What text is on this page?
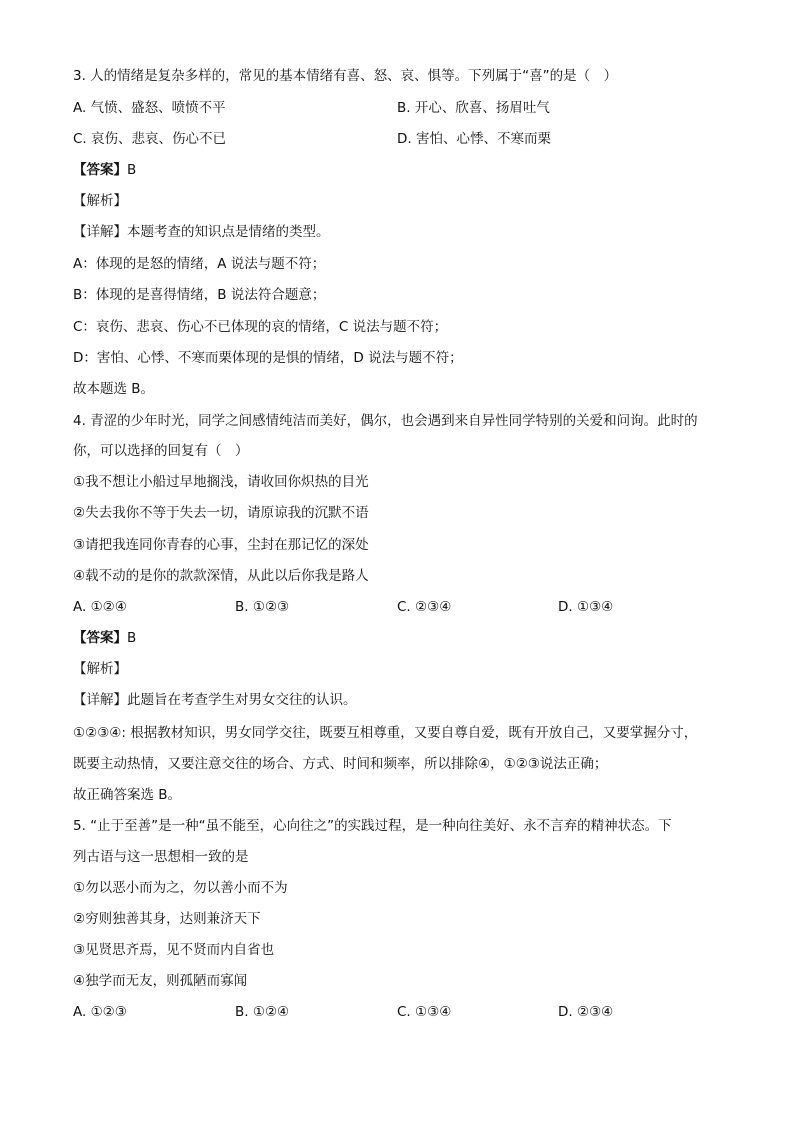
3. 人的情绪是复杂多样的，常见的基本情绪有喜、怒、哀、惧等。下列属于“喜”的是（　）
A. 气愤、盛怒、喷愤不平	B. 开心、欣喜、扬眉吐气
C. 哀伤、悲哀、伤心不已	D. 害怕、心悸、不寒而栗
【答案】B
【解析】
【详解】本题考查的知识点是情绪的类型。
A：体现的是怒的情绪，A 说法与题不符；
B：体现的是喜得情绪，B 说法符合题意；
C：哀伤、悲哀、伤心不已体现的哀的情绪，C 说法与题不符；
D：害怕、心悸、不寒而栗体现的是惧的情绪，D 说法与题不符；
故本题选 B。
4. 青涩的少年时光，同学之间感情纯洁而美好，偶尔，也会遇到来自异性同学特别的关爱和问询。此时的
你，可以选择的回复有（　）
①我不想让小船过早地搁浅，请收回你炽热的目光
②失去我你不等于失去一切，请原谅我的沉默不语
③请把我连同你青春的心事，尘封在那记忆的深处
④载不动的是你的款款深情，从此以后你我是路人
A. ①②④	B. ①②③	C. ②③④	D. ①③④
【答案】B
【解析】
【详解】此题旨在考查学生对男女交往的认识。
①②③④: 根据教材知识，男女同学交往，既要互相尊重，又要自尊自爱，既有开放自己，又要掌握分寸，
既要主动热情，又要注意交往的场合、方式、时间和频率，所以排除④，①②③说法正确；
故正确答案选 B。
5. “止于至善”是一种“虽不能至，心向往之”的实践过程，是一种向往美好、永不言弃的精神状态。下
列古语与这一思想相一致的是
①勿以恶小而为之，勿以善小而不为
②穷则独善其身，达则兼济天下
③见贤思齐焉，见不贤而内自省也
④独学而无友，则孤陋而寡闻
A. ①②③	B. ①②④	C. ①③④	D. ②③④
